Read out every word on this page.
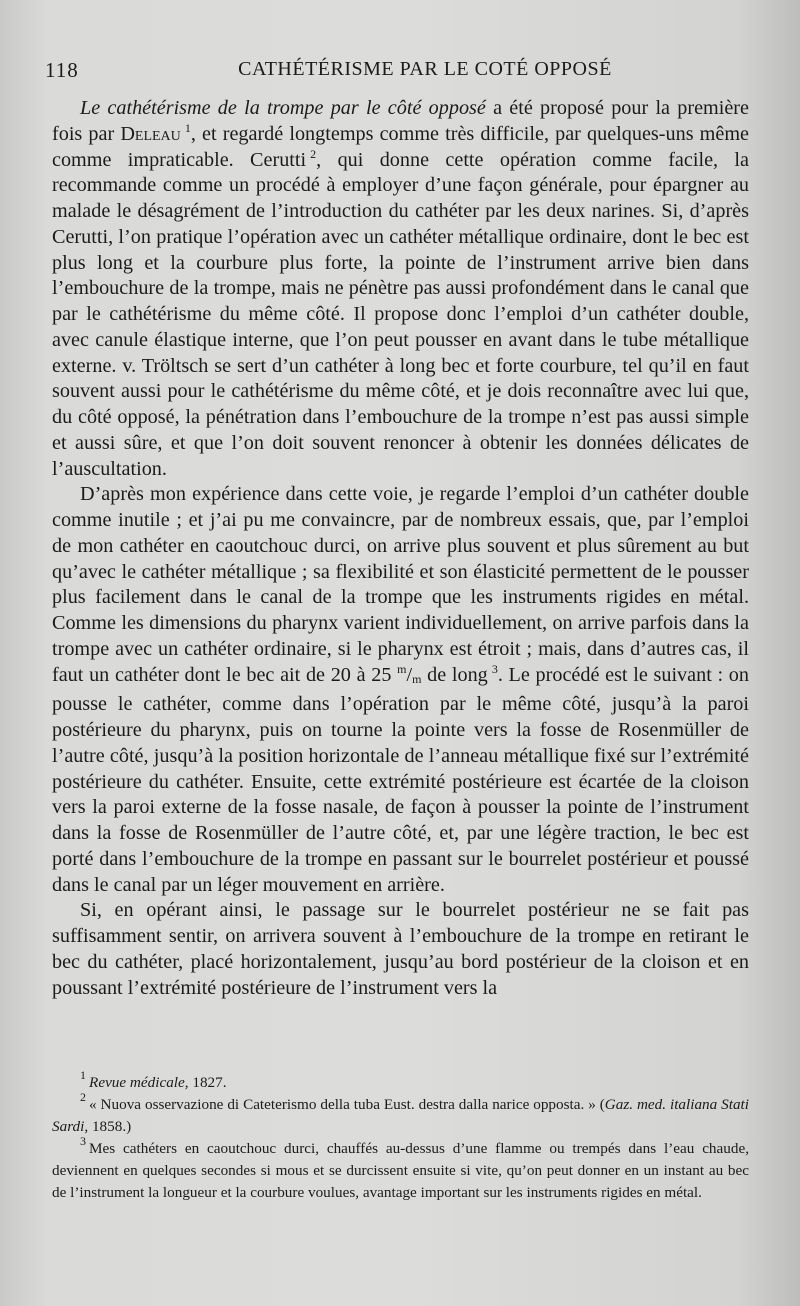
118	CATHÉTÉRISME PAR LE COTÉ OPPOSÉ

Le cathétérisme de la trompe par le côté opposé a été proposé pour la première fois par Deleau  $^1$, et regardé longtemps comme très difficile, par quelques-uns même comme impraticable. Cerutti  $^2$, qui donne cette opération comme facile, la recommande comme un procédé à employer d’une façon générale, pour épargner au malade le désagrément de l’introduction du cathéter par les deux narines. Si, d’après Cerutti, l’on pratique l’opération avec un cathéter métallique ordinaire, dont le bec est plus long et la courbure plus forte, la pointe de l’instrument arrive bien dans l’embouchure de la trompe, mais ne pénètre pas aussi profondément dans le canal que par le cathétérisme du même côté. Il propose donc l’emploi d’un cathéter double, avec canule élastique interne, que l’on peut pousser en avant dans le tube métallique externe. v. Tröltsch se sert d’un cathéter à long bec et forte courbure, tel qu’il en faut souvent aussi pour le cathétérisme du même côté, et je dois reconnaître avec lui que, du côté opposé, la pénétration dans l’embouchure de la trompe n’est pas aussi simple et aussi sûre, et que l’on doit souvent renoncer à obtenir les données délicates de l’auscultation.

D’après mon expérience dans cette voie, je regarde l’emploi d’un cathéter double comme inutile ; et j’ai pu me convaincre, par de nombreux essais, que, par l’emploi de mon cathéter en caoutchouc durci, on arrive plus souvent et plus sûrement au but qu’avec le cathéter métallique ; sa flexibilité et son élasticité permettent de le pousser plus facilement dans le canal de la trompe que les instruments rigides en métal. Comme les dimensions du pharynx varient individuellement, on arrive parfois dans la trompe avec un cathéter ordinaire, si le pharynx est étroit ; mais, dans d’autres cas, il faut un cathéter dont le bec ait de 20 à 25 $^m/_m$ de long  $^3$. Le procédé est le suivant : on pousse le cathéter, comme dans l’opération par le même côté, jusqu’à la paroi postérieure du pharynx, puis on tourne la pointe vers la fosse de Rosenmüller de l’autre côté, jusqu’à la position horizontale de l’anneau métallique fixé sur l’extrémité postérieure du cathéter. Ensuite, cette extrémité postérieure est écartée de la cloison vers la paroi externe de la fosse nasale, de façon à pousser la pointe de l’instrument dans la fosse de Rosenmüller de l’autre côté, et, par une légère traction, le bec est porté dans l’embouchure de la trompe en passant sur le bourrelet postérieur et poussé dans le canal par un léger mouvement en arrière.

Si, en opérant ainsi, le passage sur le bourrelet postérieur ne se fait pas suffisamment sentir, on arrivera souvent à l’embouchure de la trompe en retirant le bec du cathéter, placé horizontalement, jusqu’au bord postérieur de la cloison et en poussant l’extrémité postérieure de l’instrument vers la

$^1$  Revue médicale, 1827.

$^2$  « Nuova osservazione di Cateterismo della tuba Eust. destra dalla narice opposta. » (Gaz. med. italiana Stati Sardi, 1858.)

$^3$  Mes cathéters en caoutchouc durci, chauffés au-dessus d’une flamme ou trempés dans l’eau chaude, deviennent en quelques secondes si mous et se durcissent ensuite si vite, qu’on peut donner en un instant au bec de l’instrument la longueur et la courbure voulues, avantage important sur les instruments rigides en métal.
